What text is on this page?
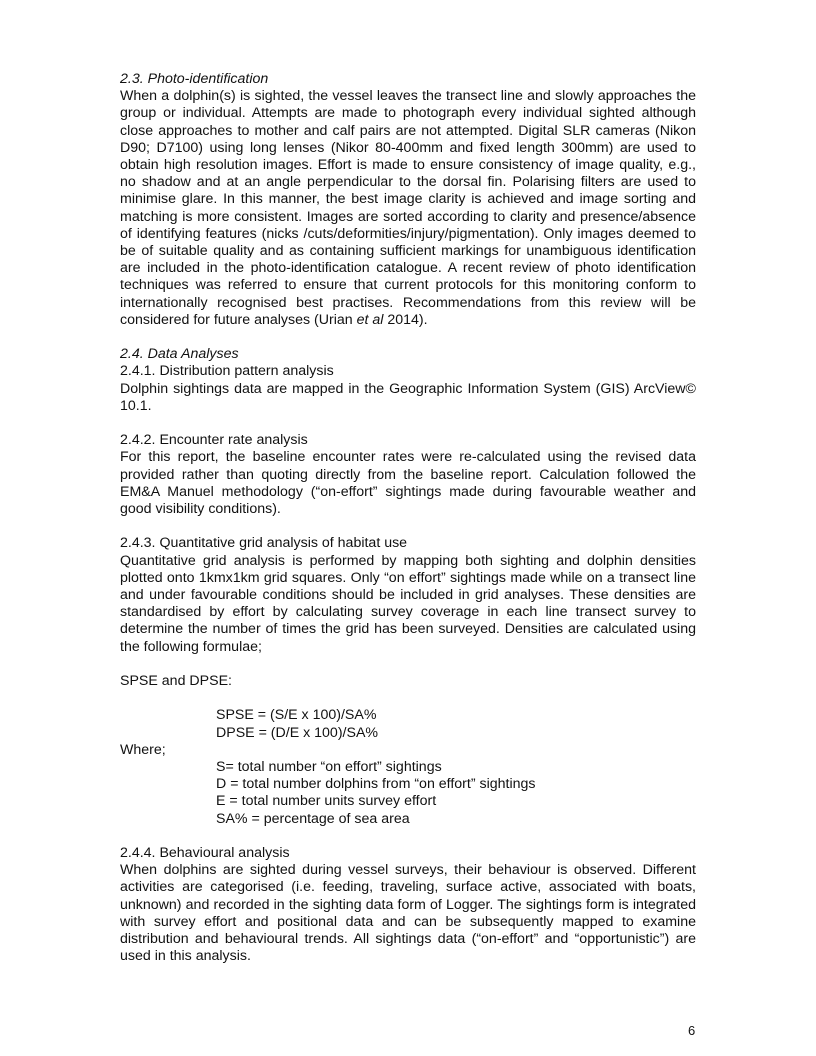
2.3. Photo-identification
When a dolphin(s) is sighted, the vessel leaves the transect line and slowly approaches the group or individual. Attempts are made to photograph every individual sighted although close approaches to mother and calf pairs are not attempted. Digital SLR cameras (Nikon D90; D7100) using long lenses (Nikor 80-400mm and fixed length 300mm) are used to obtain high resolution images. Effort is made to ensure consistency of image quality, e.g., no shadow and at an angle perpendicular to the dorsal fin. Polarising filters are used to minimise glare. In this manner, the best image clarity is achieved and image sorting and matching is more consistent. Images are sorted according to clarity and presence/absence of identifying features (nicks /cuts/deformities/injury/pigmentation). Only images deemed to be of suitable quality and as containing sufficient markings for unambiguous identification are included in the photo-identification catalogue. A recent review of photo identification techniques was referred to ensure that current protocols for this monitoring conform to internationally recognised best practises. Recommendations from this review will be considered for future analyses (Urian et al 2014).
2.4. Data Analyses
2.4.1. Distribution pattern analysis
Dolphin sightings data are mapped in the Geographic Information System (GIS) ArcView© 10.1.
2.4.2. Encounter rate analysis
For this report, the baseline encounter rates were re-calculated using the revised data provided rather than quoting directly from the baseline report. Calculation followed the EM&A Manuel methodology (“on-effort” sightings made during favourable weather and good visibility conditions).
2.4.3. Quantitative grid analysis of habitat use
Quantitative grid analysis is performed by mapping both sighting and dolphin densities plotted onto 1kmx1km grid squares. Only “on effort” sightings made while on a transect line and under favourable conditions should be included in grid analyses. These densities are standardised by effort by calculating survey coverage in each line transect survey to determine the number of times the grid has been surveyed. Densities are calculated using the following formulae;
SPSE and DPSE:
SPSE = (S/E x 100)/SA%
DPSE = (D/E x 100)/SA%
Where;
S= total number “on effort” sightings
D = total number dolphins from “on effort” sightings
E = total number units survey effort
SA% = percentage of sea area
2.4.4. Behavioural analysis
When dolphins are sighted during vessel surveys, their behaviour is observed. Different activities are categorised (i.e. feeding, traveling, surface active, associated with boats, unknown) and recorded in the sighting data form of Logger. The sightings form is integrated with survey effort and positional data and can be subsequently mapped to examine distribution and behavioural trends. All sightings data (“on-effort” and “opportunistic”) are used in this analysis.
6
